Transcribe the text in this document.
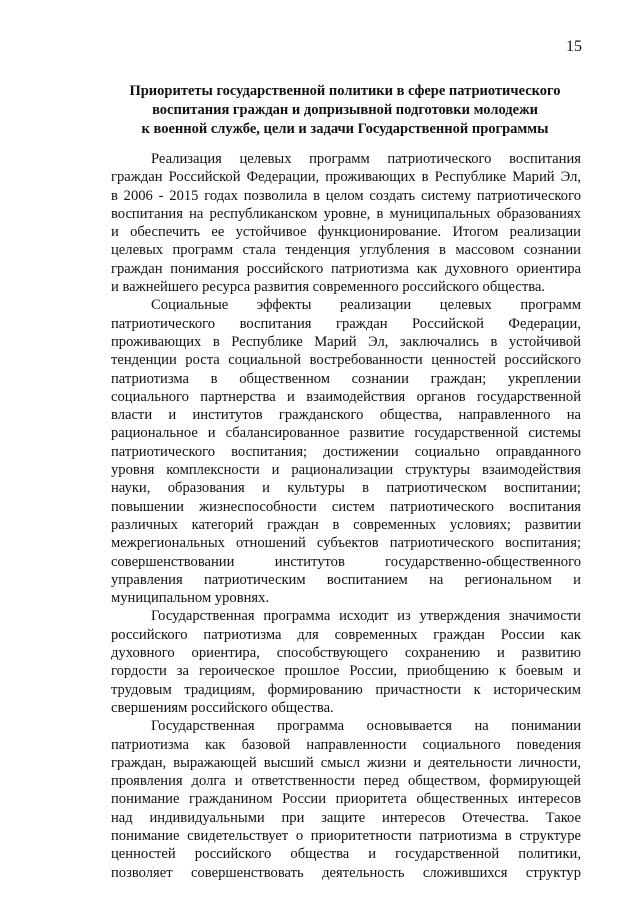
15
Приоритеты государственной политики в сфере патриотического
воспитания граждан и допризывной подготовки молодежи
к военной службе, цели и задачи Государственной программы
Реализация целевых программ патриотического воспитания
граждан Российской Федерации, проживающих в Республике Марий Эл,
в 2006 - 2015 годах позволила в целом создать систему патриотического
воспитания на республиканском уровне, в муниципальных образованиях
и обеспечить ее устойчивое функционирование. Итогом реализации
целевых программ стала тенденция углубления в массовом сознании
граждан понимания российского патриотизма как духовного ориентира
и важнейшего ресурса развития современного российского общества.
Социальные эффекты реализации целевых программ
патриотического воспитания граждан Российской Федерации,
проживающих в Республике Марий Эл, заключались в устойчивой
тенденции роста социальной востребованности ценностей российского
патриотизма в общественном сознании граждан; укреплении
социального партнерства и взаимодействия органов государственной
власти и институтов гражданского общества, направленного на
рациональное и сбалансированное развитие государственной системы
патриотического воспитания; достижении социально оправданного
уровня комплексности и рационализации структуры взаимодействия
науки, образования и культуры в патриотическом воспитании;
повышении жизнеспособности систем патриотического воспитания
различных категорий граждан в современных условиях; развитии
межрегиональных отношений субъектов патриотического воспитания;
совершенствовании институтов государственно-общественного
управления патриотическим воспитанием на региональном и
муниципальном уровнях.
Государственная программа исходит из утверждения значимости
российского патриотизма для современных граждан России как
духовного ориентира, способствующего сохранению и развитию
гордости за героическое прошлое России, приобщению к боевым и
трудовым традициям, формированию причастности к историческим
свершениям российского общества.
Государственная программа основывается на понимании
патриотизма как базовой направленности социального поведения
граждан, выражающей высший смысл жизни и деятельности личности,
проявления долга и ответственности перед обществом, формирующей
понимание гражданином России приоритета общественных интересов
над индивидуальными при защите интересов Отечества. Такое
понимание свидетельствует о приоритетности патриотизма в структуре
ценностей российского общества и государственной политики,
позволяет совершенствовать деятельность сложившихся структур
